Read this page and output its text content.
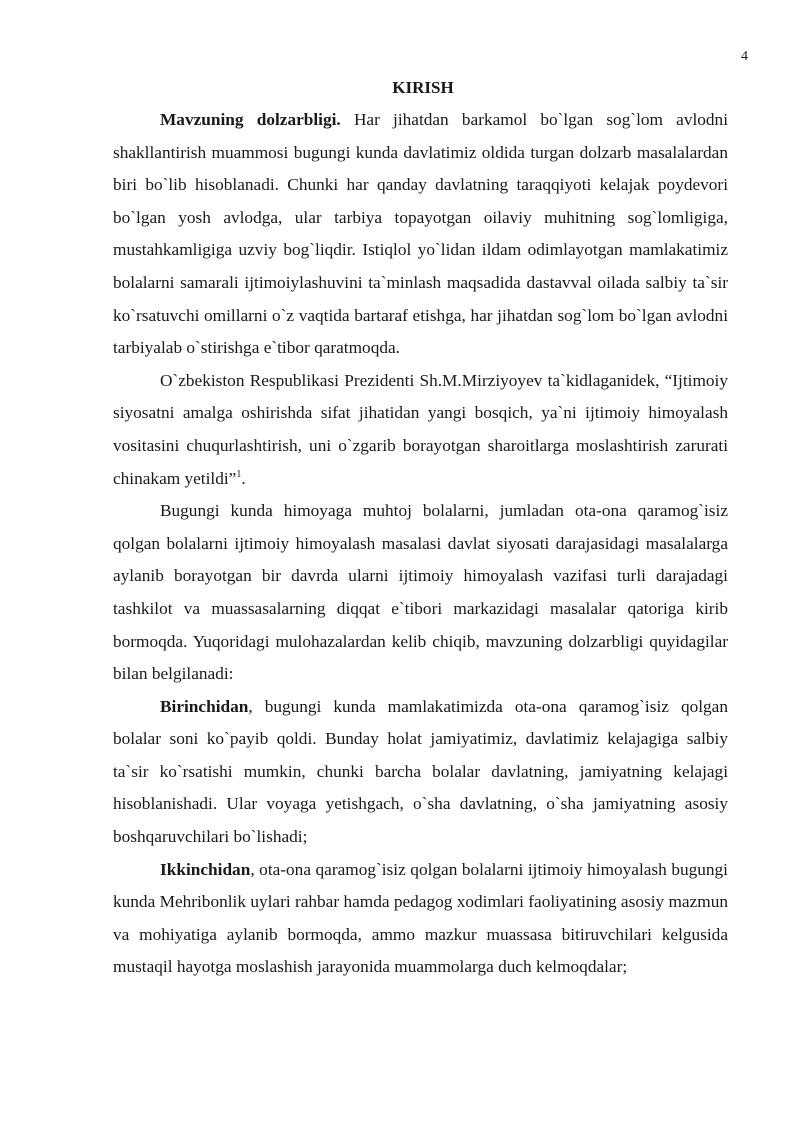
4
KIRISH

Mavzuning dolzarbligi. Har jihatdan barkamol bo`lgan sog`lom avlodni shakllantirish muammosi bugungi kunda davlatimiz oldida turgan dolzarb masalalardan biri bo`lib hisoblanadi. Chunki har qanday davlatning taraqqiyoti kelajak poydevori bo`lgan yosh avlodga, ular tarbiya topayotgan oilaviy muhitning sog`lomligiga, mustahkamligiga uzviy bog`liqdir. Istiqlol yo`lidan ildam odimlayotgan mamlakatimiz bolalarni samarali ijtimoiylashuvini ta`minlash maqsadida dastavval oilada salbiy ta`sir ko`rsatuvchi omillarni o`z vaqtida bartaraf etishga, har jihatdan sog`lom bo`lgan avlodni tarbiyalab o`stirishga e`tibor qaratmoqda.

O`zbekiston Respublikasi Prezidenti Sh.M.Mirziyoyev ta`kidlaganidek, “Ijtimoiy siyosatni amalga oshirishda sifat jihatidan yangi bosqich, ya`ni ijtimoiy himoyalash vositasini chuqurlashtirish, uni o`zgarib borayotgan sharoitlarga moslashtirish zarurati chinakam yetildi”$^1$.

Bugungi kunda himoyaga muhtoj bolalarni, jumladan ota-ona qaramog`isiz qolgan bolalarni ijtimoiy himoyalash masalasi davlat siyosati darajasidagi masalalarga aylanib borayotgan bir davrda ularni ijtimoiy himoyalash vazifasi turli darajadagi tashkilot va muassasalarning diqqat e`tibori markazidagi masalalar qatoriga kirib bormoqda. Yuqoridagi mulohazalardan kelib chiqib, mavzuning dolzarbligi quyidagilar bilan belgilanadi:

Birinchidan, bugungi kunda mamlakatimizda ota-ona qaramog`isiz qolgan bolalar soni ko`payib qoldi. Bunday holat jamiyatimiz, davlatimiz kelajagiga salbiy ta`sir ko`rsatishi mumkin, chunki barcha bolalar davlatning, jamiyatning kelajagi hisoblanishadi. Ular voyaga yetishgach, o`sha davlatning, o`sha jamiyatning asosiy boshqaruvchilari bo`lishadi;

Ikkinchidan, ota-ona qaramog`isiz qolgan bolalarni ijtimoiy himoyalash bugungi kunda Mehribonlik uylari rahbar hamda pedagog xodimlari faoliyatining asosiy mazmun va mohiyatiga aylanib bormoqda, ammo mazkur muassasa bitiruvchilari kelgusida mustaqil hayotga moslashish jarayonida muammolarga duch kelmoqdalar;
